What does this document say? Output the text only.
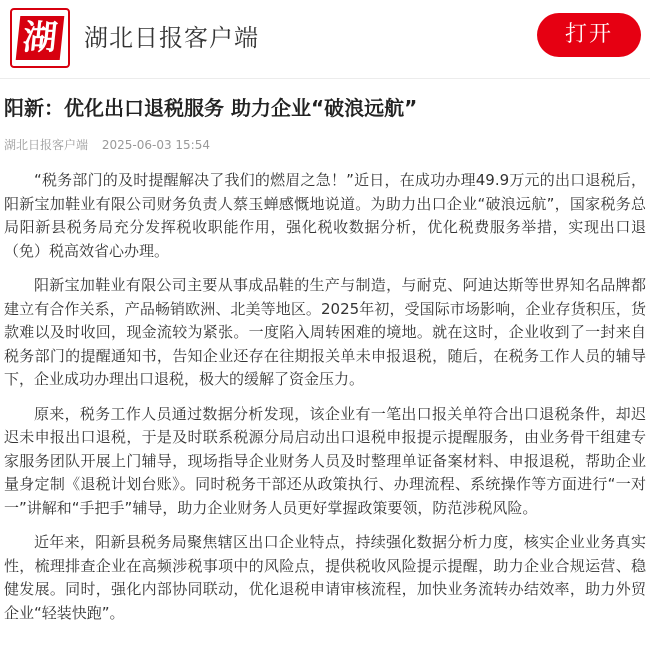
湖 湖北日报客户端	打开
阳新：优化出口退税服务 助力企业“破浪远航”
湖北日报客户端 2025-06-03 15:54

“税务部门的及时提醒解决了我们的燃眉之急！”近日，在成功办理49.9万元的出口退税后，阳新宝加鞋业有限公司财务负责人蔡玉蝉感慨地说道。为助力出口企业“破浪远航”，国家税务总局阳新县税务局充分发挥税收职能作用，强化税收数据分析，优化税费服务举措，实现出口退（免）税高效省心办理。

阳新宝加鞋业有限公司主要从事成品鞋的生产与制造，与耐克、阿迪达斯等世界知名品牌都建立有合作关系，产品畅销欧洲、北美等地区。2025年初，受国际市场影响，企业存货积压，货款难以及时收回，现金流较为紧张。一度陷入周转困难的境地。就在这时，企业收到了一封来自税务部门的提醒通知书，告知企业还存在往期报关单未申报退税，随后，在税务工作人员的辅导下，企业成功办理出口退税，极大的缓解了资金压力。

原来，税务工作人员通过数据分析发现，该企业有一笔出口报关单符合出口退税条件，却迟迟未申报出口退税，于是及时联系税源分局启动出口退税申报提示提醒服务，由业务骨干组建专家服务团队开展上门辅导，现场指导企业财务人员及时整理单证备案材料、申报退税，帮助企业量身定制《退税计划台账》。同时税务干部还从政策执行、办理流程、系统操作等方面进行“一对一”讲解和“手把手”辅导，助力企业财务人员更好掌握政策要领，防范涉税风险。

近年来，阳新县税务局聚焦辖区出口企业特点，持续强化数据分析力度，核实企业业务真实性，梳理排查企业在高频涉税事项中的风险点，提供税收风险提示提醒，助力企业合规运营、稳健发展。同时，强化内部协同联动，优化退税申请审核流程，加快业务流转办结效率，助力外贸企业“轻装快跑”。
